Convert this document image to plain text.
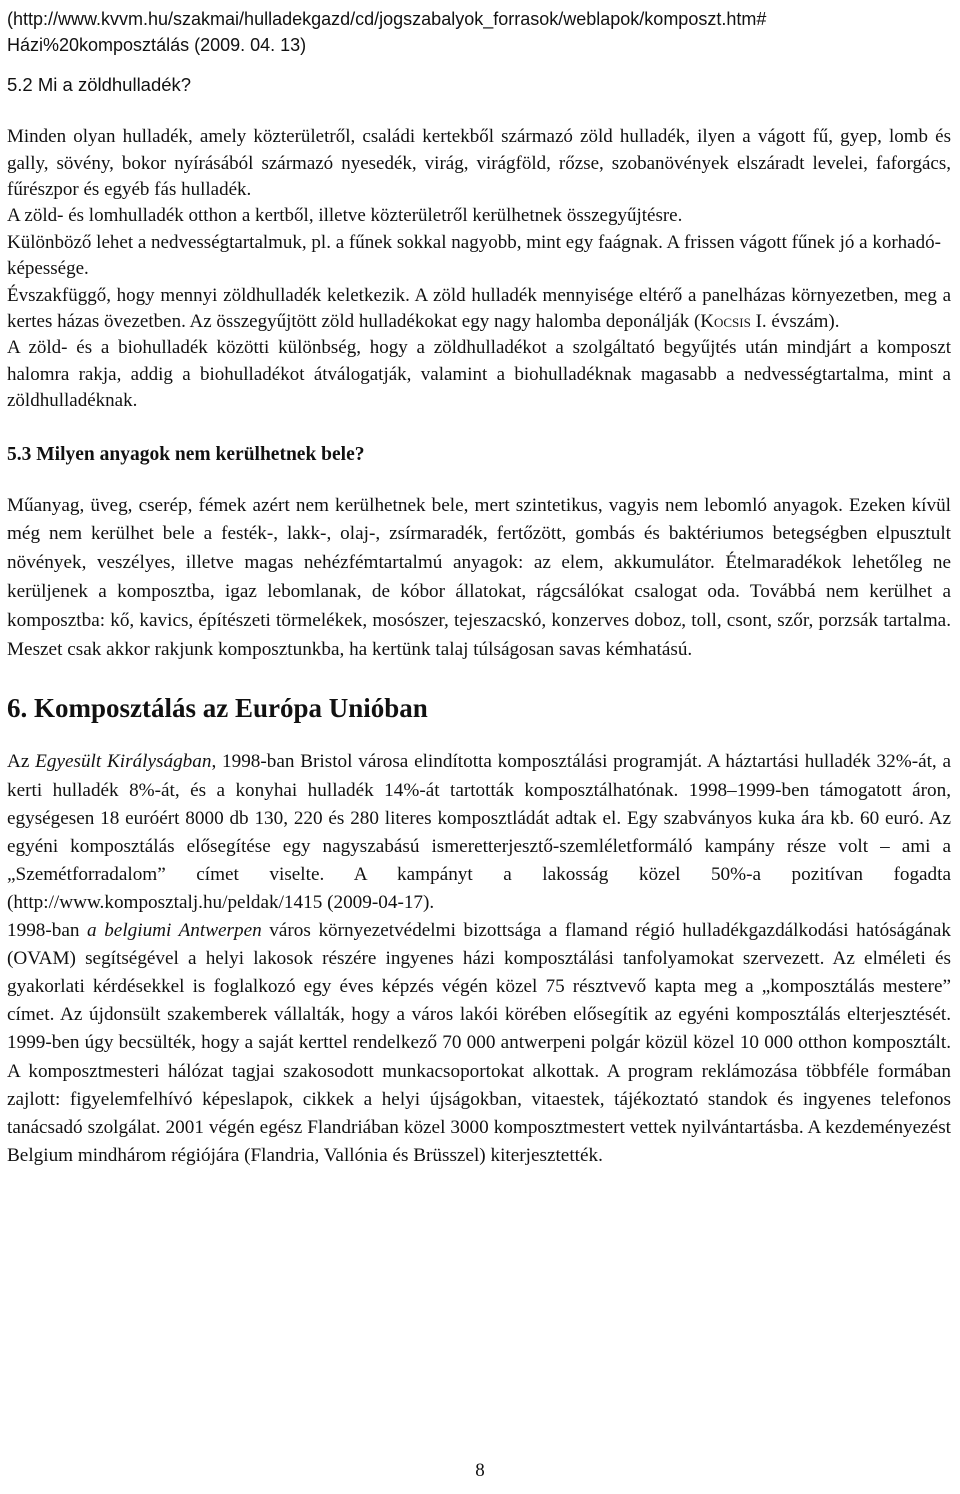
(http://www.kvvm.hu/szakmai/hulladekgazd/cd/jogszabalyok_forrasok/weblapok/komposzt.htm#
Házi%20komposztálás (2009. 04. 13)
5.2 Mi a zöldhulladék?

Minden olyan hulladék, amely közterületről, családi kertekből származó zöld hulladék, ilyen a vágott fű, gyep, lomb és gally, sövény, bokor nyírásából származó nyesedék, virág, virágföld, rőzse, szobanövények elszáradt levelei, faforgács, fűrészpor és egyéb fás hulladék.

A zöld- és lomhulladék otthon a kertből, illetve közterületről kerülhetnek összegyűjtésre.

Különböző lehet a nedvességtartalmuk, pl. a fűnek sokkal nagyobb, mint egy faágnak. A frissen vágott fűnek jó a korhadó-képessége.

Évszakfüggő, hogy mennyi zöldhulladék keletkezik. A zöld hulladék mennyisége eltérő a panelházas környezetben, meg a kertes házas övezetben. Az összegyűjtött zöld hulladékokat egy nagy halomba deponálják (Kocsis I. évszám).

A zöld- és a biohulladék közötti különbség, hogy a zöldhulladékot a szolgáltató begyűjtés után mindjárt a komposzt halomra rakja, addig a biohulladékot átválogatják, valamint a biohulladéknak magasabb a nedvességtartalma, mint a zöldhulladéknak.

5.3 Milyen anyagok nem kerülhetnek bele?

Műanyag, üveg, cserép, fémek azért nem kerülhetnek bele, mert szintetikus, vagyis nem lebomló anyagok. Ezeken kívül még nem kerülhet bele a festék-, lakk-, olaj-, zsírmaradék, fertőzött, gombás és baktériumos betegségben elpusztult növények, veszélyes, illetve magas nehézfémtartalmú anyagok: az elem, akkumulátor. Ételmaradékok lehetőleg ne kerüljenek a komposztba, igaz lebomlanak, de kóbor állatokat, rágcsálókat csalogat oda. Továbbá nem kerülhet a komposztba: kő, kavics, építészeti törmelékek, mosószer, tejeszacskó, konzerves doboz, toll, csont, szőr, porzsák tartalma. Meszet csak akkor rakjunk komposztunkba, ha kertünk talaj túlságosan savas kémhatású.

6. Komposztálás az Európa Unióban

Az Egyesült Királyságban, 1998-ban Bristol városa elindította komposztálási programját. A háztartási hulladék 32%-át, a kerti hulladék 8%-át, és a konyhai hulladék 14%-át tartották komposztálhatónak. 1998–1999-ben támogatott áron, egységesen 18 euróért 8000 db 130, 220 és 280 literes komposztládát adtak el. Egy szabványos kuka ára kb. 60 euró. Az egyéni komposztálás elősegítése egy nagyszabású ismeretterjesztő-szemléletformáló kampány része volt – ami a „Szemétforradalom” címet viselte. A kampányt a lakosság közel 50%-a pozitívan fogadta (http://www.komposztalj.hu/peldak/1415 (2009-04-17).

1998-ban a belgiumi Antwerpen város környezetvédelmi bizottsága a flamand régió hulladékgazdálkodási hatóságának (OVAM) segítségével a helyi lakosok részére ingyenes házi komposztálási tanfolyamokat szervezett. Az elméleti és gyakorlati kérdésekkel is foglalkozó egy éves képzés végén közel 75 résztvevő kapta meg a „komposztálás mestere” címet. Az újdonsült szakemberek vállalták, hogy a város lakói körében elősegítik az egyéni komposztálás elterjesztését. 1999-ben úgy becsülték, hogy a saját kerttel rendelkező 70 000 antwerpeni polgár közül közel 10 000 otthon komposztált. A komposztmesteri hálózat tagjai szakosodott munkacsoportokat alkottak. A program reklámozása többféle formában zajlott: figyelemfelhívó képeslapok, cikkek a helyi újságokban, vitaestek, tájékoztató standok és ingyenes telefonos tanácsadó szolgálat. 2001 végén egész Flandriában közel 3000 komposztmestert vettek nyilvántartásba. A kezdeményezést Belgium mindhárom régiójára (Flandria, Vallónia és Brüsszel) kiterjesztették.

8
